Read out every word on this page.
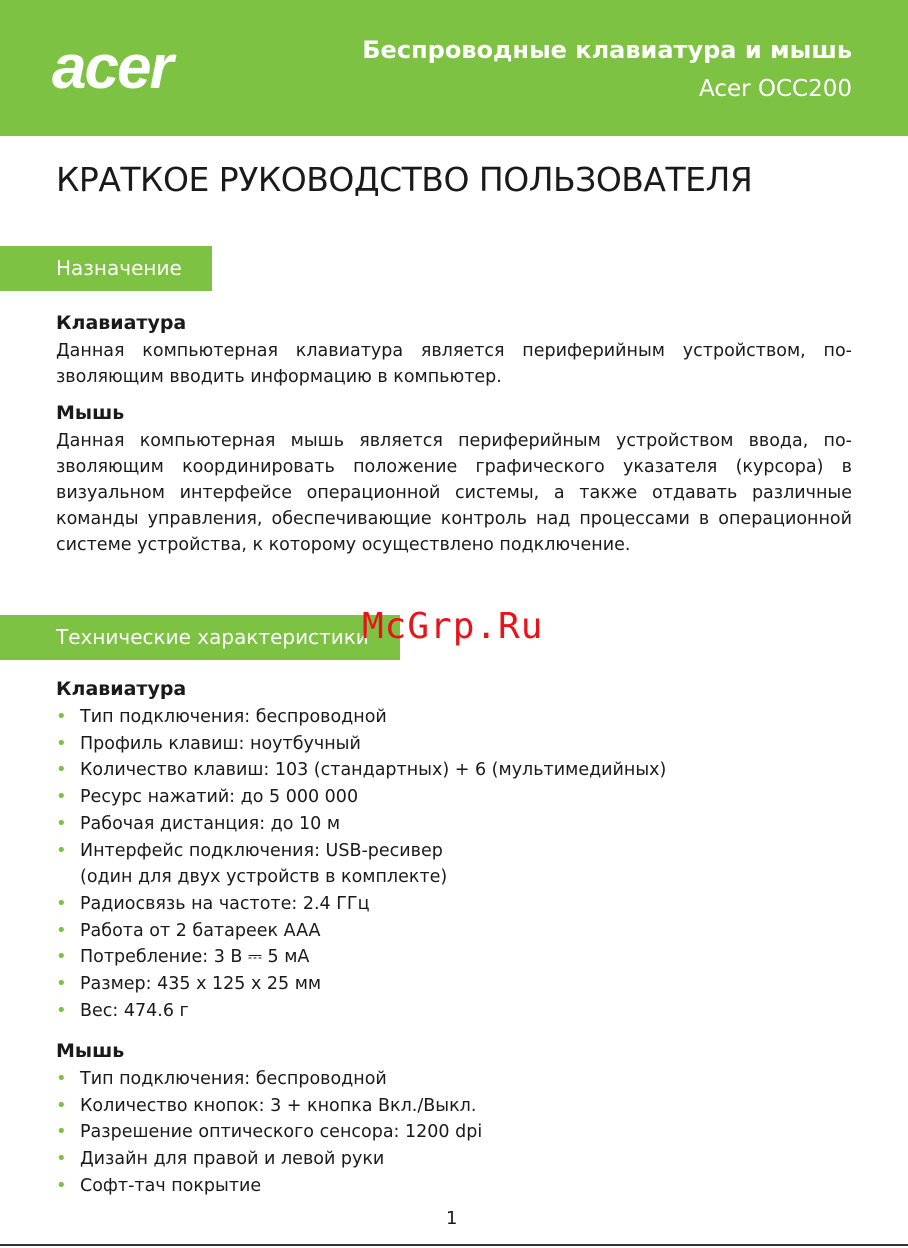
acer	Беспроводные клавиатура и мышь
Acer OCC200
КРАТКОЕ РУКОВОДСТВО ПОЛЬЗОВАТЕЛЯ
Назначение
Клавиатура
Данная компьютерная клавиатура является периферийным устройством, позволяющим вводить информацию в компьютер.
Мышь
Данная компьютерная мышь является периферийным устройством ввода, позволяющим координировать положение графического указателя (курсора) в визуальном интерфейсе операционной системы, а также отдавать различные команды управления, обеспечивающие контроль над процессами в операционной системе устройства, к которому осуществлено подключение.
Технические характеристики
McGrp.Ru
Клавиатура
• Тип подключения: беспроводной
• Профиль клавиш: ноутбучный
• Количество клавиш: 103 (стандартных) + 6 (мультимедийных)
• Ресурс нажатий: до 5 000 000
• Рабочая дистанция: до 10 м
• Интерфейс подключения: USB-ресивер
(один для двух устройств в комплекте)
• Радиосвязь на частоте: 2.4 ГГц
• Работа от 2 батареек AAA
• Потребление: 3 В ⎓ 5 мА
• Размер: 435 x 125 x 25 мм
• Вес: 474.6 г
Мышь
• Тип подключения: беспроводной
• Количество кнопок: 3 + кнопка Вкл./Выкл.
• Разрешение оптического сенсора: 1200 dpi
• Дизайн для правой и левой руки
• Софт-тач покрытие
1
